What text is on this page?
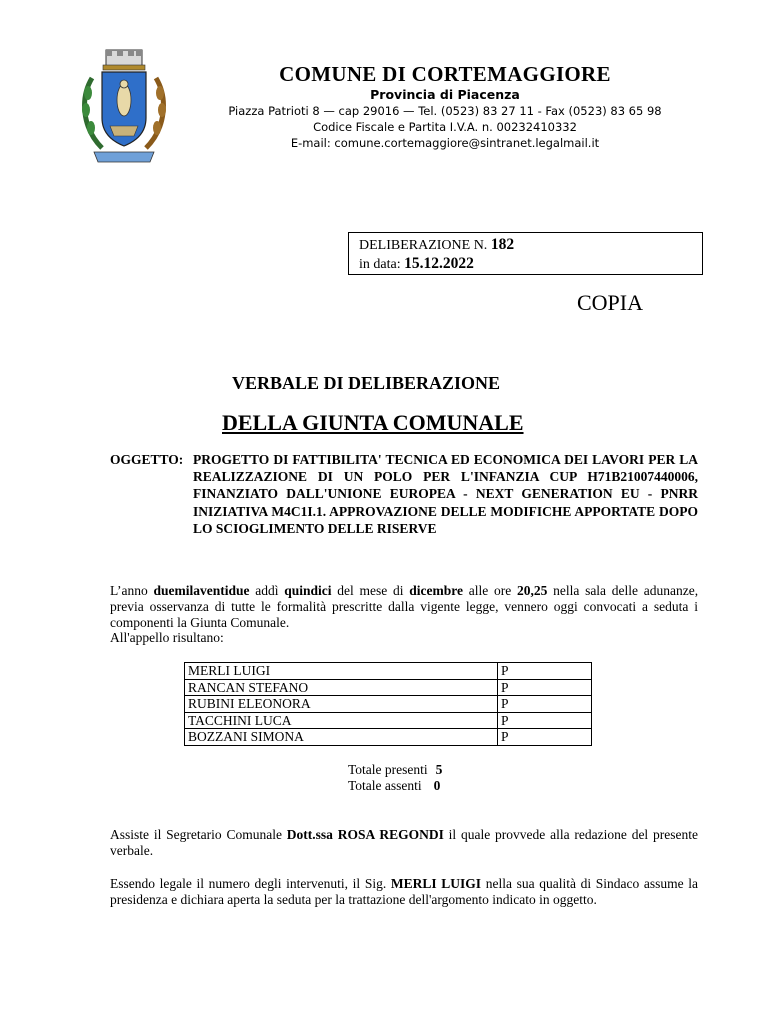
COMUNE DI CORTEMAGGIORE
Provincia di Piacenza
Piazza Patrioti 8 — cap 29016 — Tel. (0523) 83 27 11 - Fax (0523) 83 65 98
Codice Fiscale e Partita I.V.A. n. 00232410332
E-mail: comune.cortemaggiore@sintranet.legalmail.it
DELIBERAZIONE N. 182
in data: 15.12.2022
COPIA
VERBALE DI DELIBERAZIONE
DELLA GIUNTA COMUNALE
OGGETTO: PROGETTO DI FATTIBILITA' TECNICA ED ECONOMICA DEI LAVORI PER LA REALIZZAZIONE DI UN POLO PER L'INFANZIA CUP H71B21007440006, FINANZIATO DALL'UNIONE EUROPEA - NEXT GENERATION EU - PNRR INIZIATIVA M4C1I.1. APPROVAZIONE DELLE MODIFICHE APPORTATE DOPO LO SCIOGLIMENTO DELLE RISERVE
L’anno duemilaventidue addì quindici del mese di dicembre alle ore 20,25 nella sala delle adunanze, previa osservanza di tutte le formalità prescritte dalla vigente legge, vennero oggi convocati a seduta i componenti la Giunta Comunale.
All'appello risultano:
MERLI LUIGI	P
RANCAN STEFANO	P
RUBINI ELEONORA	P
TACCHINI LUCA	P
BOZZANI SIMONA	P
Totale presenti 5
Totale assenti 0
Assiste il Segretario Comunale Dott.ssa ROSA REGONDI il quale provvede alla redazione del presente verbale.
Essendo legale il numero degli intervenuti, il Sig. MERLI LUIGI nella sua qualità di Sindaco assume la presidenza e dichiara aperta la seduta per la trattazione dell'argomento indicato in oggetto.
